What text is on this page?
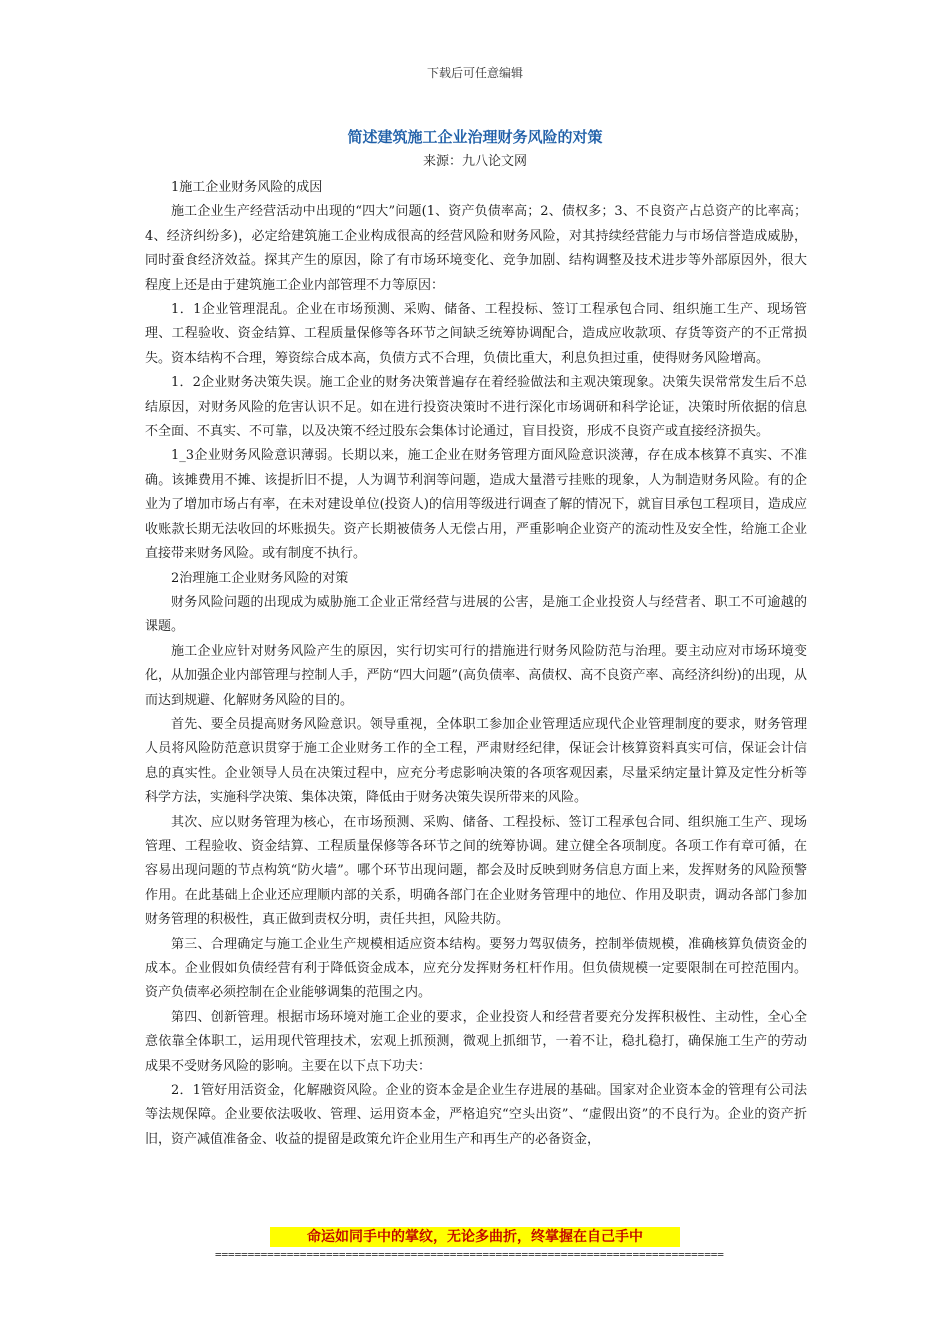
下载后可任意编辑
简述建筑施工企业治理财务风险的对策
来源：九八论文网

1施工企业财务风险的成因

施工企业生产经营活动中出现的“四大”问题(1、资产负债率高；2、债权多；3、不良资产占总资产的比率高；4、经济纠纷多)，必定给建筑施工企业构成很高的经营风险和财务风险，对其持续经营能力与市场信誉造成威胁，同时蚕食经济效益。探其产生的原因，除了有市场环境变化、竞争加剧、结构调整及技术进步等外部原因外，很大程度上还是由于建筑施工企业内部管理不力等原因：

1．1企业管理混乱。企业在市场预测、采购、储备、工程投标、签订工程承包合同、组织施工生产、现场管理、工程验收、资金结算、工程质量保修等各环节之间缺乏统筹协调配合，造成应收款项、存货等资产的不正常损失。资本结构不合理，筹资综合成本高，负债方式不合理，负债比重大，利息负担过重，使得财务风险增高。

1．2企业财务决策失误。施工企业的财务决策普遍存在着经验做法和主观决策现象。决策失误常常发生后不总结原因，对财务风险的危害认识不足。如在进行投资决策时不进行深化市场调研和科学论证，决策时所依据的信息不全面、不真实、不可靠，以及决策不经过股东会集体讨论通过，盲目投资，形成不良资产或直接经济损失。

1_3企业财务风险意识薄弱。长期以来，施工企业在财务管理方面风险意识淡薄，存在成本核算不真实、不准确。该摊费用不摊、该提折旧不提，人为调节利润等问题，造成大量潜亏挂账的现象，人为制造财务风险。有的企业为了增加市场占有率，在未对建设单位(投资人)的信用等级进行调查了解的情况下，就盲目承包工程项目，造成应收账款长期无法收回的坏账损失。资产长期被债务人无偿占用，严重影响企业资产的流动性及安全性，给施工企业直接带来财务风险。或有制度不执行。

2治理施工企业财务风险的对策

财务风险问题的出现成为威胁施工企业正常经营与进展的公害，是施工企业投资人与经营者、职工不可逾越的课题。

施工企业应针对财务风险产生的原因，实行切实可行的措施进行财务风险防范与治理。要主动应对市场环境变化，从加强企业内部管理与控制人手，严防“四大问题”(高负债率、高债权、高不良资产率、高经济纠纷)的出现，从而达到规避、化解财务风险的目的。

首先、要全员提高财务风险意识。领导重视，全体职工参加企业管理适应现代企业管理制度的要求，财务管理人员将风险防范意识贯穿于施工企业财务工作的全工程，严肃财经纪律，保证会计核算资料真实可信，保证会计信息的真实性。企业领导人员在决策过程中，应充分考虑影响决策的各项客观因素，尽量采纳定量计算及定性分析等科学方法，实施科学决策、集体决策，降低由于财务决策失误所带来的风险。

其次、应以财务管理为核心，在市场预测、采购、储备、工程投标、签订工程承包合同、组织施工生产、现场管理、工程验收、资金结算、工程质量保修等各环节之间的统筹协调。建立健全各项制度。各项工作有章可循，在容易出现问题的节点构筑“防火墙”。哪个环节出现问题，都会及时反映到财务信息方面上来，发挥财务的风险预警作用。在此基础上企业还应理顺内部的关系，明确各部门在企业财务管理中的地位、作用及职责，调动各部门参加财务管理的积极性，真正做到责权分明，责任共担，风险共防。

第三、合理确定与施工企业生产规模相适应资本结构。要努力驾驭债务，控制举债规模，准确核算负债资金的成本。企业假如负债经营有利于降低资金成本，应充分发挥财务杠杆作用。但负债规模一定要限制在可控范围内。资产负债率必须控制在企业能够调集的范围之内。

第四、创新管理。根据市场环境对施工企业的要求，企业投资人和经营者要充分发挥积极性、主动性，全心全意依靠全体职工，运用现代管理技术，宏观上抓预测，微观上抓细节，一着不让，稳扎稳打，确保施工生产的劳动成果不受财务风险的影响。主要在以下点下功夫：

2．1管好用活资金，化解融资风险。企业的资本金是企业生存进展的基础。国家对企业资本金的管理有公司法等法规保障。企业要依法吸收、管理、运用资本金，严格追究“空头出资”、“虚假出资”的不良行为。企业的资产折旧，资产减值准备金、收益的提留是政策允许企业用生产和再生产的必备资金，

命运如同手中的掌纹，无论多曲折，终掌握在自己手中
==============================================================================
